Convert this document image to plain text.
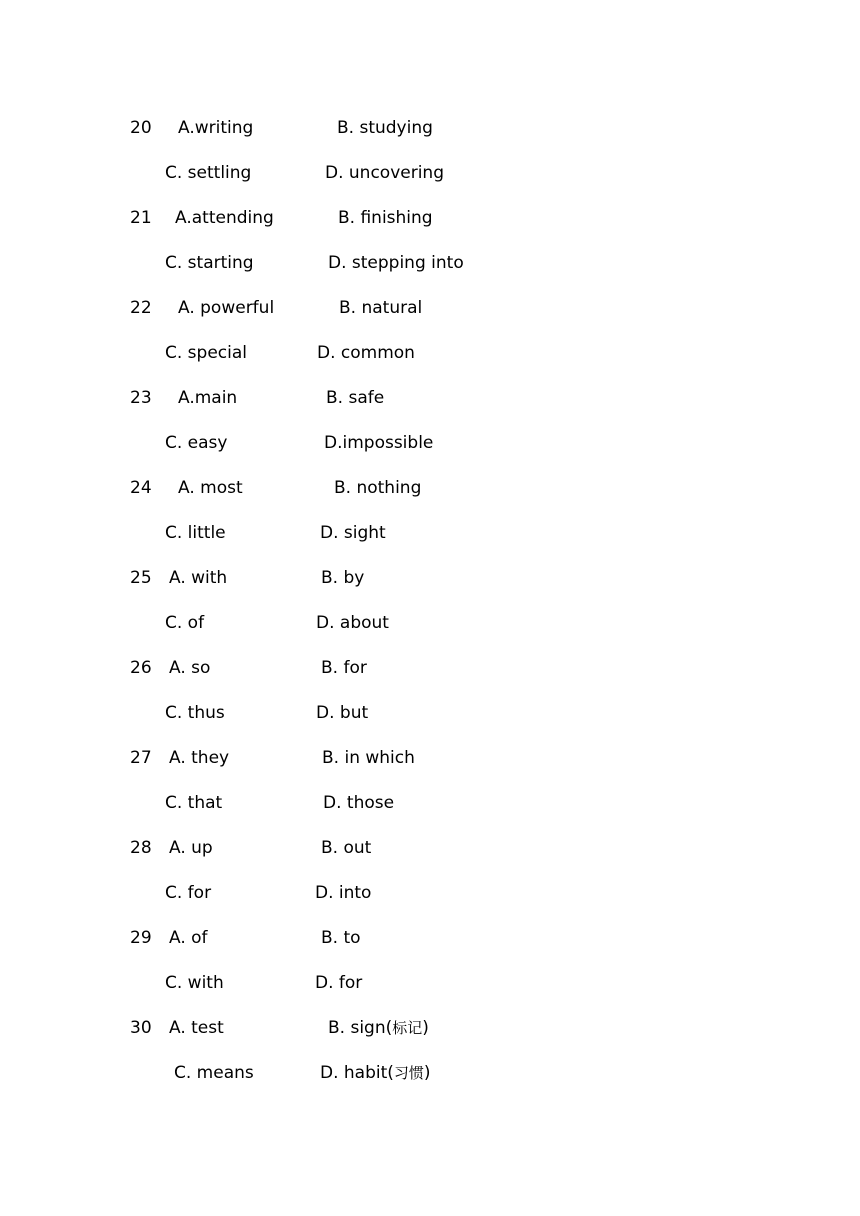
20 A.writing	B. studying
C. settling	D. uncovering
21 A.attending	B. finishing
C. starting	D. stepping into
22 A. powerful	B. natural
C. special	D. common
23 A.main	B. safe
C. easy	D.impossible
24 A. most	B. nothing
C. little	D. sight
25 A. with	B. by
C. of	D. about
26 A. so	B. for
C. thus	D. but
27 A. they	B. in which
C. that	D. those
28 A. up	B. out
C. for	D. into
29 A. of	B. to
C. with	D. for
30 A. test	B. sign(标记)
C. means	D. habit(习惯)
